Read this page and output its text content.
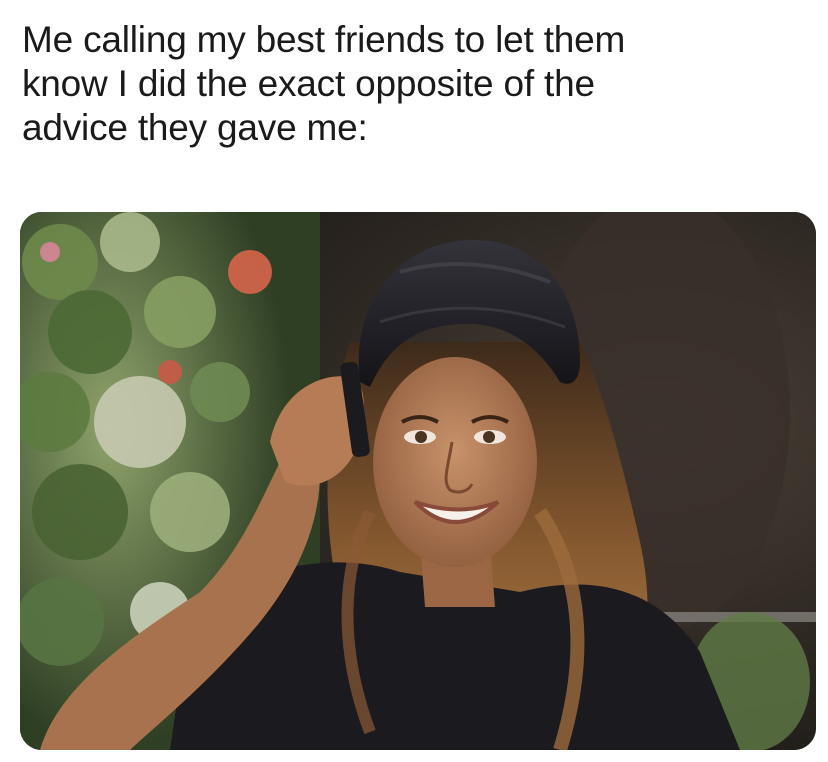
Me calling my best friends to let them
know I did the exact opposite of the
advice they gave me:
